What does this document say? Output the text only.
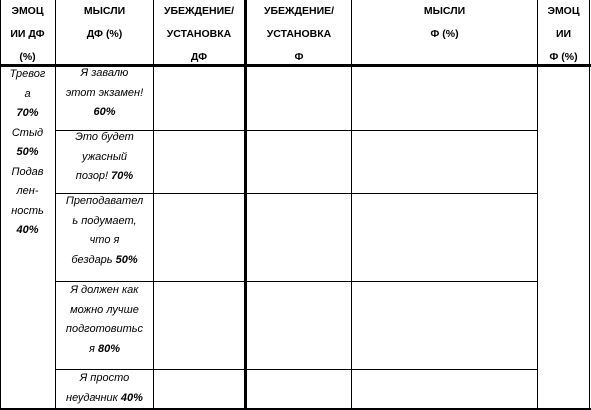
ЭМОЦ
ИИ ДФ
(%)
МЫСЛИ
ДФ (%)
УБЕЖДЕНИЕ/
УСТАНОВКА
ДФ
УБЕЖДЕНИЕ/
УСТАНОВКА
Ф
МЫСЛИ
Ф (%)
ЭМОЦ
ИИ
Ф (%)
Тревог
а
70%
Стыд
50%
Подав
лен-
ность
40%
Я завалю
этот экзамен!
60%
Это будет
ужасный
позор! 70%
Преподавател
ь подумает,
что я
бездарь 50%
Я должен как
можно лучше
подготовитьс
я 80%
Я просто
неудачник 40%
